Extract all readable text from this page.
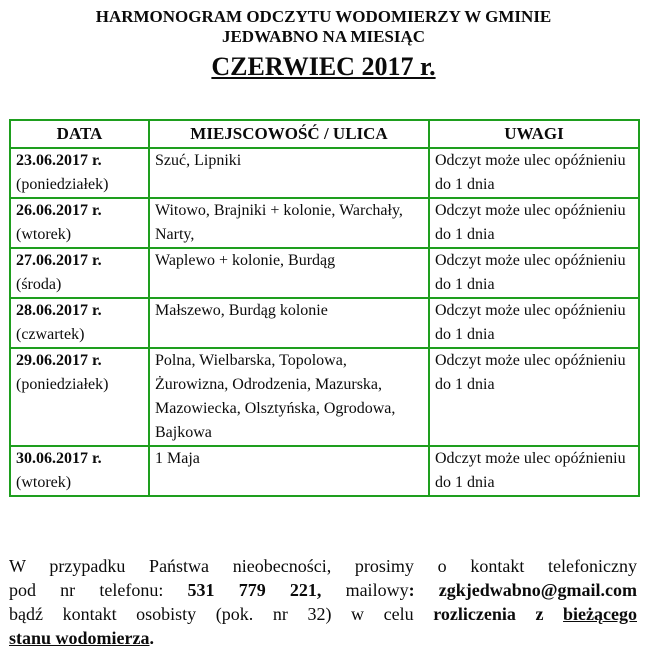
HARMONOGRAM ODCZYTU WODOMIERZY W GMINIE
JEDWABNO NA MIESIĄC
CZERWIEC 2017 r.
DATA	MIEJSCOWOŚĆ / ULICA	UWAGI
23.06.2017 r.
(poniedziałek)	Szuć, Lipniki	Odczyt może ulec opóźnieniu do 1 dnia
26.06.2017 r.
(wtorek)	Witowo, Brajniki + kolonie, Warchały, Narty,	Odczyt może ulec opóźnieniu do 1 dnia
27.06.2017 r.
(środa)	Waplewo + kolonie, Burdąg	Odczyt może ulec opóźnieniu do 1 dnia
28.06.2017 r.
(czwartek)	Małszewo, Burdąg kolonie	Odczyt może ulec opóźnieniu do 1 dnia
29.06.2017 r.
(poniedziałek)	Polna, Wielbarska, Topolowa, Żurowizna, Odrodzenia, Mazurska, Mazowiecka, Olsztyńska, Ogrodowa, Bajkowa	Odczyt może ulec opóźnieniu do 1 dnia
30.06.2017 r.
(wtorek)	1 Maja	Odczyt może ulec opóźnieniu do 1 dnia
W przypadku Państwa nieobecności, prosimy o kontakt telefoniczny
pod nr telefonu: 531 779 221, mailowy: zgkjedwabno@gmail.com
bądź kontakt osobisty (pok. nr 32) w celu rozliczenia z bieżącego
stanu wodomierza.
